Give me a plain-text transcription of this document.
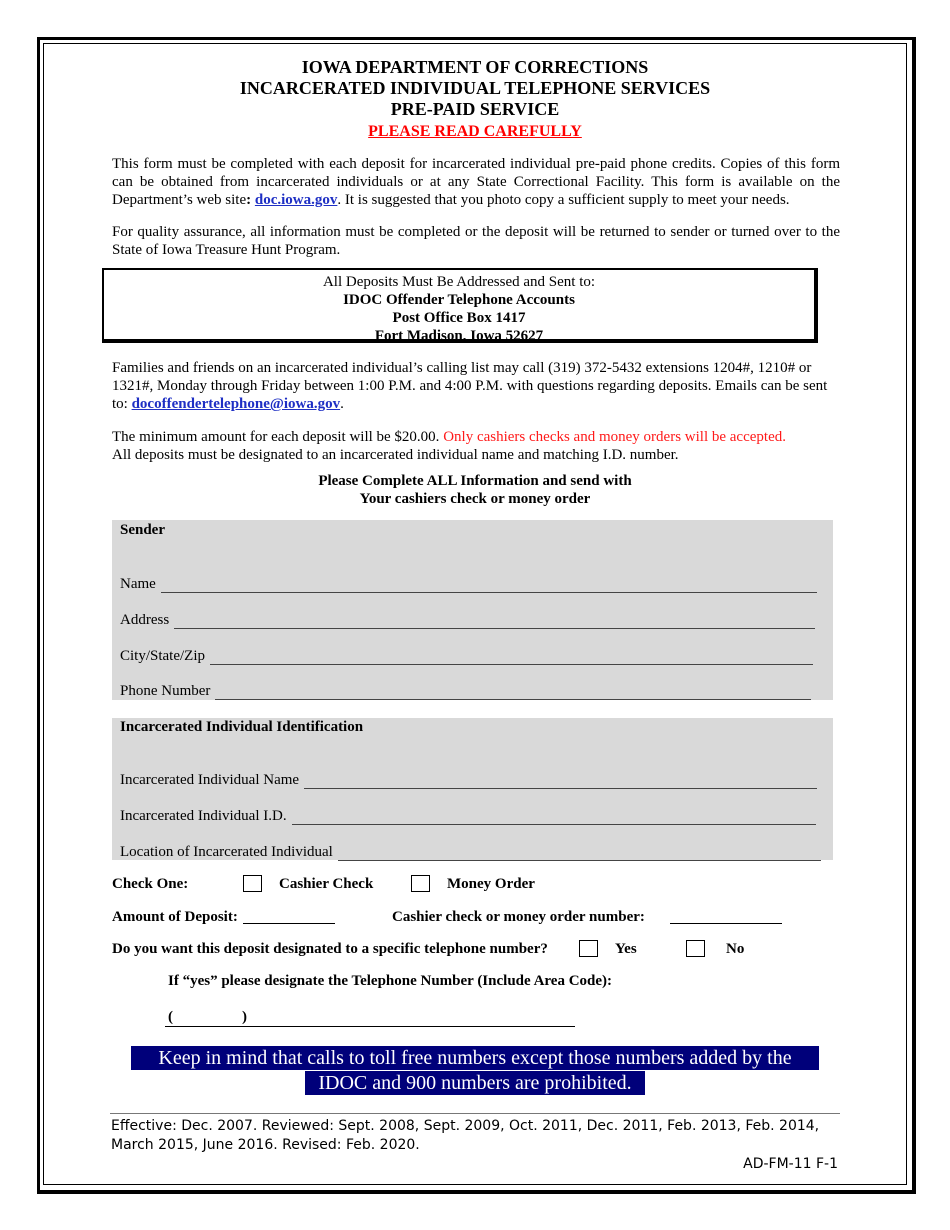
IOWA DEPARTMENT OF CORRECTIONS
INCARCERATED INDIVIDUAL TELEPHONE SERVICES
PRE-PAID SERVICE
PLEASE READ CAREFULLY
This form must be completed with each deposit for incarcerated individual pre-paid phone credits. Copies of this form can be obtained from incarcerated individuals or at any State Correctional Facility. This form is available on the Department’s web site: doc.iowa.gov. It is suggested that you photo copy a sufficient supply to meet your needs.
For quality assurance, all information must be completed or the deposit will be returned to sender or turned over to the State of Iowa Treasure Hunt Program.
All Deposits Must Be Addressed and Sent to:
IDOC Offender Telephone Accounts
Post Office Box 1417
Fort Madison, Iowa 52627
Families and friends on an incarcerated individual’s calling list may call (319) 372-5432 extensions 1204#, 1210# or 1321#, Monday through Friday between 1:00 P.M. and 4:00 P.M. with questions regarding deposits. Emails can be sent to: docoffendertelephone@iowa.gov.
The minimum amount for each deposit will be $20.00. Only cashiers checks and money orders will be accepted.
All deposits must be designated to an incarcerated individual name and matching I.D. number.
Please Complete ALL Information and send with
Your cashiers check or money order
Sender
Name
Address
City/State/Zip
Phone Number
Incarcerated Individual Identification
Incarcerated Individual Name
Incarcerated Individual I.D.
Location of Incarcerated Individual
Check One:	Cashier Check	Money Order
Amount of Deposit:	Cashier check or money order number:
Do you want this deposit designated to a specific telephone number?	Yes	No
If “yes” please designate the Telephone Number (Include Area Code):
(	)
Keep in mind that calls to toll free numbers except those numbers added by the
IDOC and 900 numbers are prohibited.
Effective: Dec. 2007. Reviewed: Sept. 2008, Sept. 2009, Oct. 2011, Dec. 2011, Feb. 2013, Feb. 2014, March 2015, June 2016. Revised: Feb. 2020.
AD-FM-11 F-1
